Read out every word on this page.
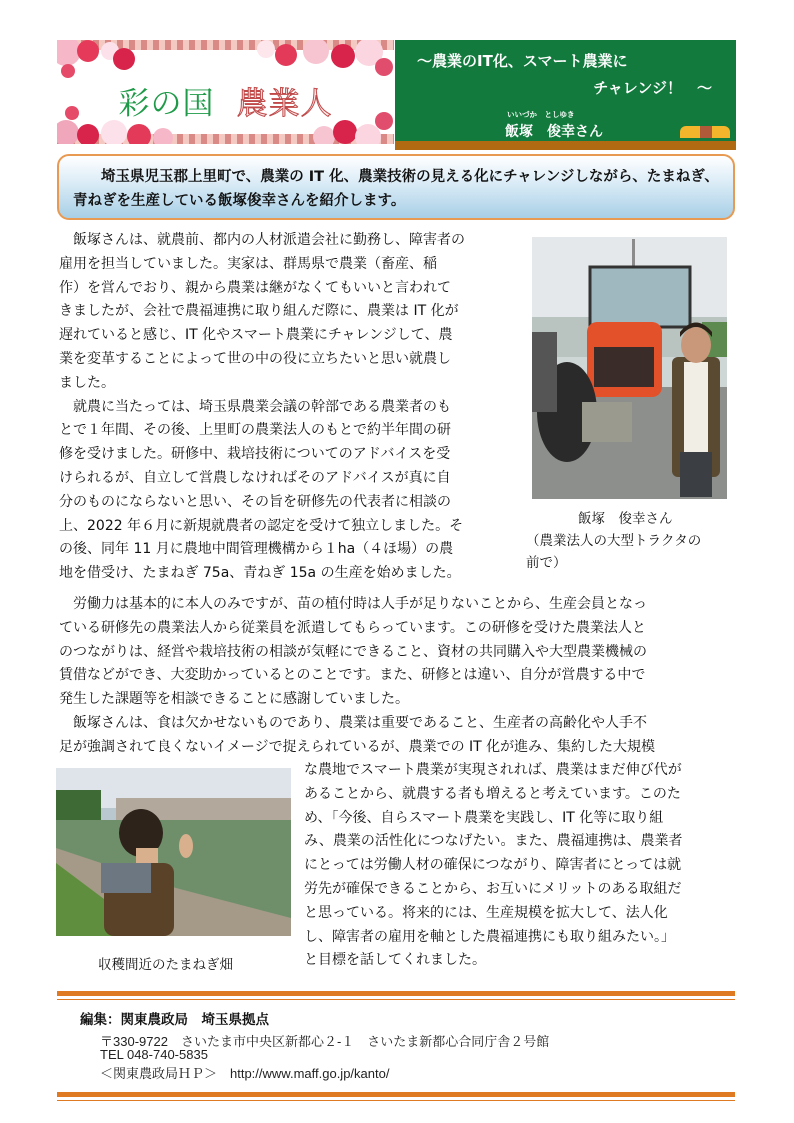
彩の国 農業人
～農業のIT化、スマート農業に
チャレンジ！　～
いいづか　としゆき
飯塚　俊幸さん

埼玉県児玉郡上里町で、農業の IT 化、農業技術の見える化にチャレンジしながら、たまねぎ、青ねぎを生産している飯塚俊幸さんを紹介します。

　飯塚さんは、就農前、都内の人材派遣会社に勤務し、障害者の
雇用を担当していました。実家は、群馬県で農業（畜産、稲
作）を営んでおり、親から農業は継がなくてもいいと言われて
きましたが、会社で農福連携に取り組んだ際に、農業は IT 化が
遅れていると感じ、IT 化やスマート農業にチャレンジして、農
業を変革することによって世の中の役に立ちたいと思い就農し
ました。
　就農に当たっては、埼玉県農業会議の幹部である農業者のも
とで１年間、その後、上里町の農業法人のもとで約半年間の研
修を受けました。研修中、栽培技術についてのアドバイスを受
けられるが、自立して営農しなければそのアドバイスが真に自
分のものにならないと思い、その旨を研修先の代表者に相談の
上、2022 年６月に新規就農者の認定を受けて独立しました。そ
の後、同年 11 月に農地中間管理機構から１ha（４ほ場）の農
地を借受け、たまねぎ 75a、青ねぎ 15a の生産を始めました。
飯塚　俊幸さん
（農業法人の大型トラクタの
前で）
　労働力は基本的に本人のみですが、苗の植付時は人手が足りないことから、生産会員となっ
ている研修先の農業法人から従業員を派遣してもらっています。この研修を受けた農業法人と
のつながりは、経営や栽培技術の相談が気軽にできること、資材の共同購入や大型農業機械の
賃借などができ、大変助かっているとのことです。また、研修とは違い、自分が営農する中で
発生した課題等を相談できることに感謝していました。
　飯塚さんは、食は欠かせないものであり、農業は重要であること、生産者の高齢化や人手不
足が強調されて良くないイメージで捉えられているが、農業での IT 化が進み、集約した大規模
収穫間近のたまねぎ畑
な農地でスマート農業が実現されれば、農業はまだ伸び代が
あることから、就農する者も増えると考えています。このた
め、「今後、自らスマート農業を実践し、IT 化等に取り組
み、農業の活性化につなげたい。また、農福連携は、農業者
にとっては労働人材の確保につながり、障害者にとっては就
労先が確保できることから、お互いにメリットのある取組だ
と思っている。将来的には、生産規模を拡大して、法人化
し、障害者の雇用を軸とした農福連携にも取り組みたい。」
と目標を話してくれました。
編集：関東農政局　埼玉県拠点
〒330-9722　さいたま市中央区新都心２-１　さいたま新都心合同庁舎２号館
TEL 048-740-5835
＜関東農政局ＨＰ＞　http://www.maff.go.jp/kanto/
